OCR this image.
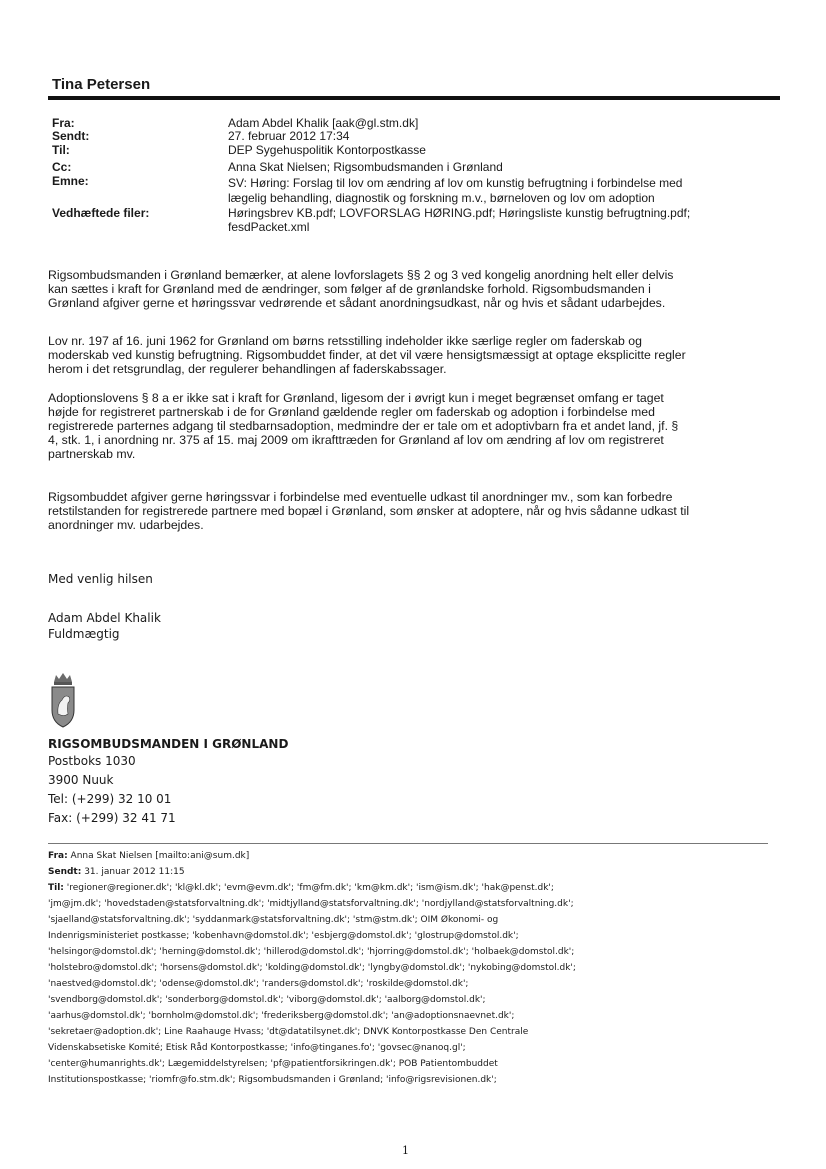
Tina Petersen
Fra:
Sendt:
Til:
Cc:
Emne:
Vedhæftede filer:
Adam Abdel Khalik [aak@gl.stm.dk]
27. februar 2012 17:34
DEP Sygehuspolitik Kontorpostkasse
Anna Skat Nielsen; Rigsombudsmanden i Grønland
SV: Høring: Forslag til lov om ændring af lov om kunstig befrugtning i forbindelse med
lægelig behandling, diagnostik og forskning m.v., børneloven og lov om adoption
Høringsbrev KB.pdf; LOVFORSLAG HØRING.pdf; Høringsliste kunstig befrugtning.pdf;
fesdPacket.xml
Rigsombudsmanden i Grønland bemærker, at alene lovforslagets §§ 2 og 3 ved kongelig anordning helt eller delvis
kan sættes i kraft for Grønland med de ændringer, som følger af de grønlandske forhold. Rigsombudsmanden i
Grønland afgiver gerne et høringssvar vedrørende et sådant anordningsudkast, når og hvis et sådant udarbejdes.
Lov nr. 197 af 16. juni 1962 for Grønland om børns retsstilling indeholder ikke særlige regler om faderskab og
moderskab ved kunstig befrugtning. Rigsombuddet finder, at det vil være hensigtsmæssigt at optage eksplicitte regler
herom i det retsgrundlag, der regulerer behandlingen af faderskabssager.
Adoptionslovens § 8 a er ikke sat i kraft for Grønland, ligesom der i øvrigt kun i meget begrænset omfang er taget
højde for registreret partnerskab i de for Grønland gældende regler om faderskab og adoption i forbindelse med
registrerede parternes adgang til stedbarnsadoption, medmindre der er tale om et adoptivbarn fra et andet land, jf. §
4, stk. 1, i anordning nr. 375 af 15. maj 2009 om ikrafttræden for Grønland af lov om ændring af lov om registreret
partnerskab mv.
Rigsombuddet afgiver gerne høringssvar i forbindelse med eventuelle udkast til anordninger mv., som kan forbedre
retstilstanden for registrerede partnere med bopæl i Grønland, som ønsker at adoptere, når og hvis sådanne udkast til
anordninger mv. udarbejdes.
Med venlig hilsen
Adam Abdel Khalik
Fuldmægtig
RIGSOMBUDSMANDEN I GRØNLAND
Postboks 1030
3900 Nuuk
Tel: (+299) 32 10 01
Fax: (+299) 32 41 71
Fra: Anna Skat Nielsen [mailto:ani@sum.dk]
Sendt: 31. januar 2012 11:15
Til: 'regioner@regioner.dk'; 'kl@kl.dk'; 'evm@evm.dk'; 'fm@fm.dk'; 'km@km.dk'; 'ism@ism.dk'; 'hak@penst.dk';
'jm@jm.dk'; 'hovedstaden@statsforvaltning.dk'; 'midtjylland@statsforvaltning.dk'; 'nordjylland@statsforvaltning.dk';
'sjaelland@statsforvaltning.dk'; 'syddanmark@statsforvaltning.dk'; 'stm@stm.dk'; OIM Økonomi- og
Indenrigsministeriet postkasse; 'kobenhavn@domstol.dk'; 'esbjerg@domstol.dk'; 'glostrup@domstol.dk';
'helsingor@domstol.dk'; 'herning@domstol.dk'; 'hillerod@domstol.dk'; 'hjorring@domstol.dk'; 'holbaek@domstol.dk';
'holstebro@domstol.dk'; 'horsens@domstol.dk'; 'kolding@domstol.dk'; 'lyngby@domstol.dk'; 'nykobing@domstol.dk';
'naestved@domstol.dk'; 'odense@domstol.dk'; 'randers@domstol.dk'; 'roskilde@domstol.dk';
'svendborg@domstol.dk'; 'sonderborg@domstol.dk'; 'viborg@domstol.dk'; 'aalborg@domstol.dk';
'aarhus@domstol.dk'; 'bornholm@domstol.dk'; 'frederiksberg@domstol.dk'; 'an@adoptionsnaevnet.dk';
'sekretaer@adoption.dk'; Line Raahauge Hvass; 'dt@datatilsynet.dk'; DNVK Kontorpostkasse Den Centrale
Videnskabsetiske Komité; Etisk Råd Kontorpostkasse; 'info@tinganes.fo'; 'govsec@nanoq.gl';
'center@humanrights.dk'; Lægemiddelstyrelsen; 'pf@patientforsikringen.dk'; POB Patientombuddet
Institutionspostkasse; 'riomfr@fo.stm.dk'; Rigsombudsmanden i Grønland; 'info@rigsrevisionen.dk';
1
